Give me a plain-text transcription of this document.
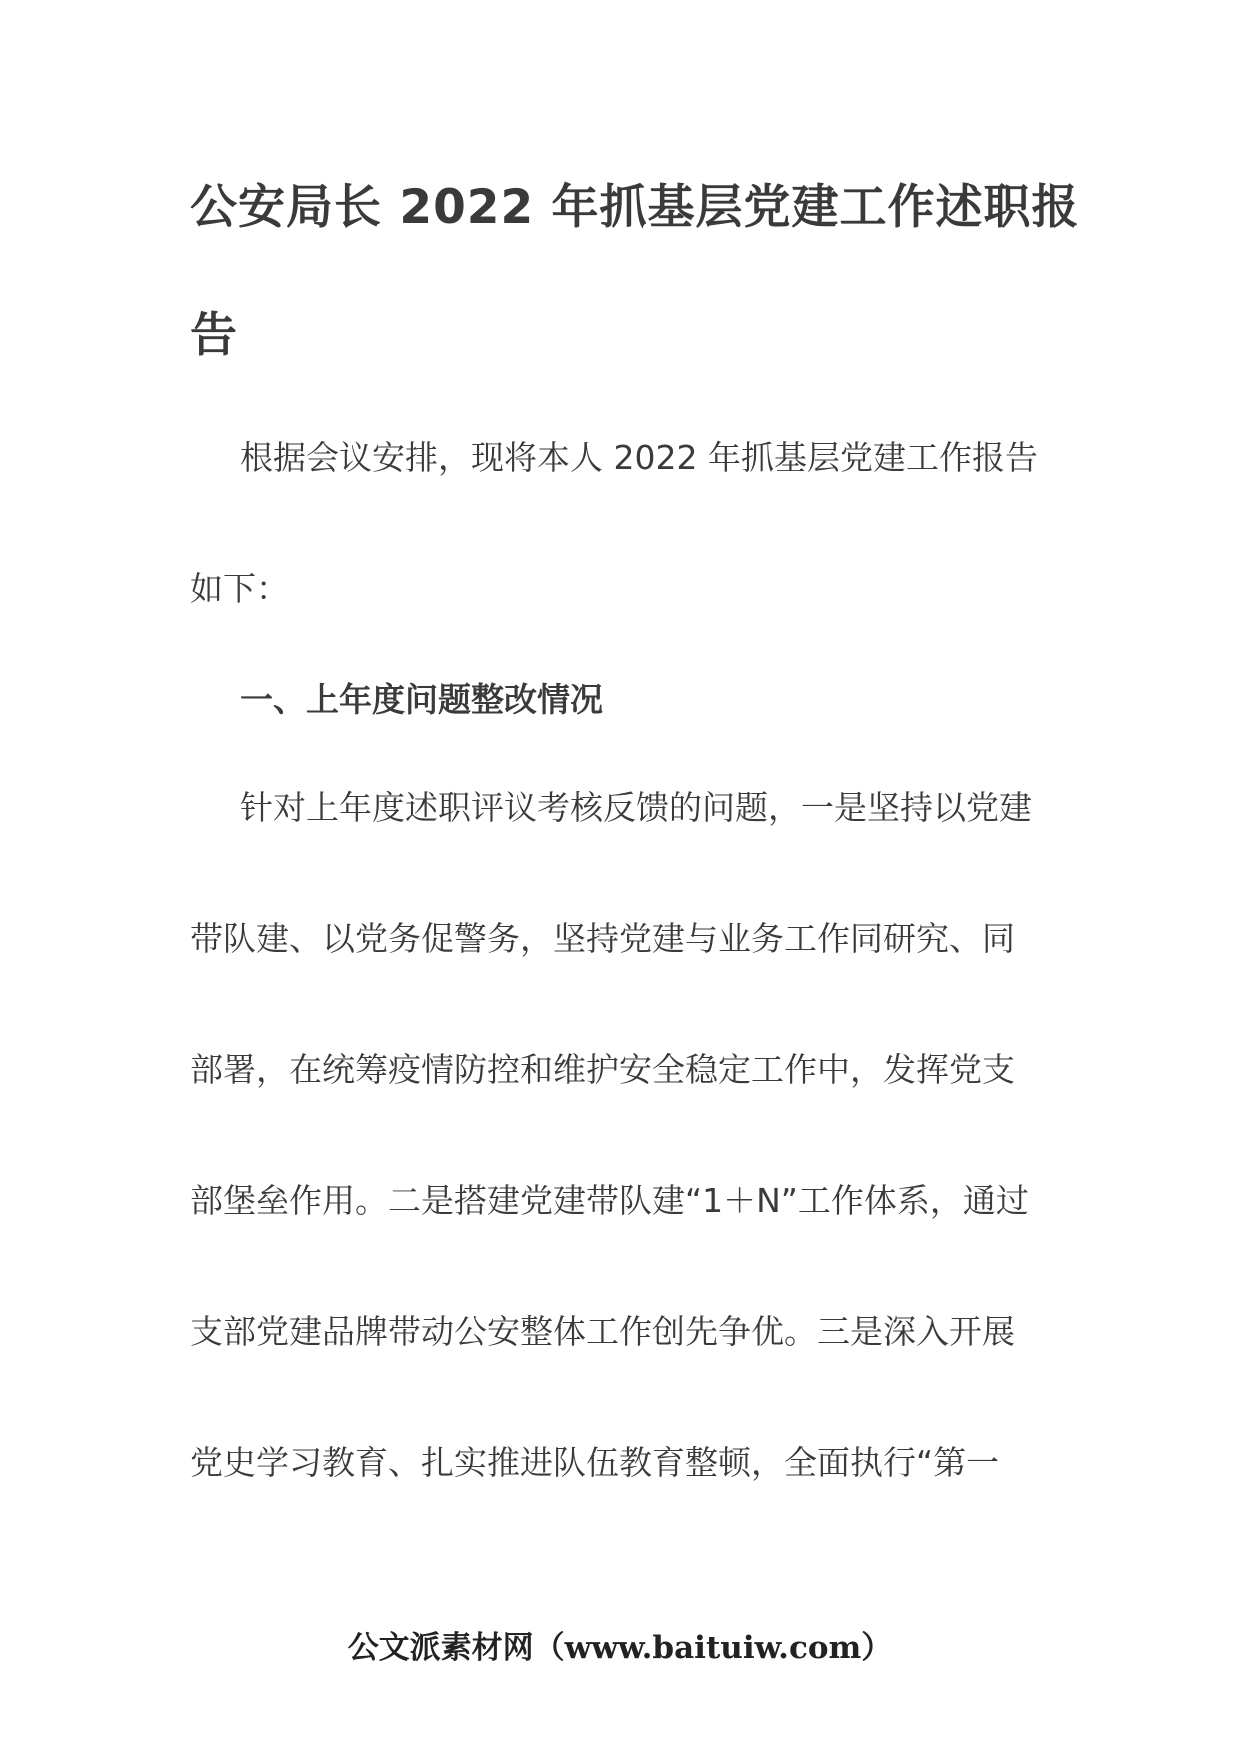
公安局长 2022 年抓基层党建工作述职报
告
根据会议安排，现将本人 2022 年抓基层党建工作报告
如下：
一、上年度问题整改情况
针对上年度述职评议考核反馈的问题，一是坚持以党建
带队建、以党务促警务，坚持党建与业务工作同研究、同
部署，在统筹疫情防控和维护安全稳定工作中，发挥党支
部堡垒作用。二是搭建党建带队建“1＋N”工作体系，通过
支部党建品牌带动公安整体工作创先争优。三是深入开展
党史学习教育、扎实推进队伍教育整顿，全面执行“第一
公文派素材网（www.baituiw.com）
